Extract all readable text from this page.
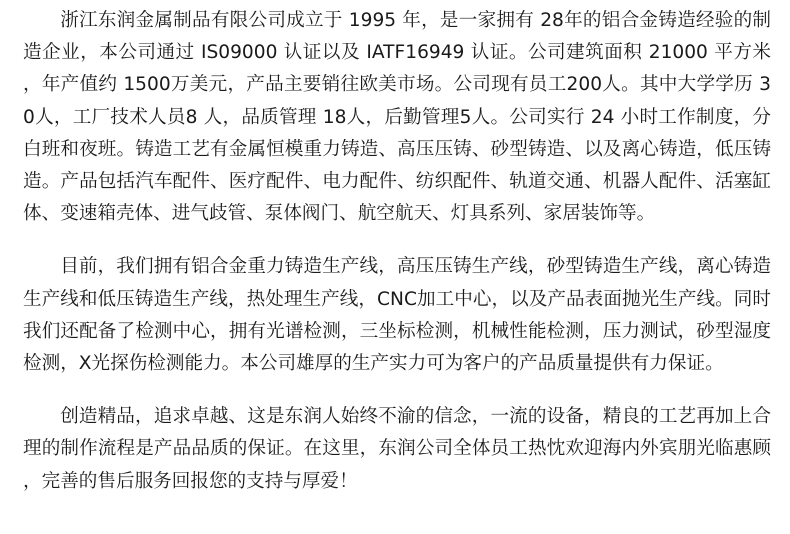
浙江东润金属制品有限公司成立于 1995 年，是一家拥有 28年的铝合金铸造经验的制造企业，本公司通过 IS09000 认证以及 IATF16949 认证。公司建筑面积 21000 平方米，年产值约 1500万美元，产品主要销往欧美市场。公司现有员工200人。其中大学学历 30人，工厂技术人员8 人，品质管理 18人，后勤管理5人。公司实行 24 小时工作制度，分白班和夜班。铸造工艺有金属恒模重力铸造、高压压铸、砂型铸造、以及离心铸造，低压铸造。产品包括汽车配件、医疗配件、电力配件、纺织配件、轨道交通、机器人配件、活塞缸体、变速箱壳体、进气歧管、泵体阀门、航空航天、灯具系列、家居装饰等。

目前，我们拥有铝合金重力铸造生产线，高压压铸生产线，砂型铸造生产线，离心铸造生产线和低压铸造生产线，热处理生产线，CNC加工中心，以及产品表面抛光生产线。同时我们还配备了检测中心，拥有光谱检测，三坐标检测，机械性能检测，压力测试，砂型湿度检测，X光探伤检测能力。本公司雄厚的生产实力可为客户的产品质量提供有力保证。

创造精品，追求卓越、这是东润人始终不渝的信念，一流的设备，精良的工艺再加上合理的制作流程是产品品质的保证。在这里，东润公司全体员工热忱欢迎海内外宾朋光临惠顾，完善的售后服务回报您的支持与厚爱！
